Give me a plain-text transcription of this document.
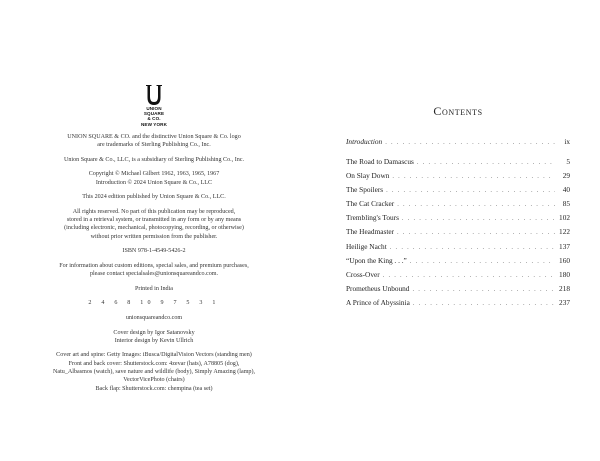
UNION
SQUARE
& CO.
NEW YORK
UNION SQUARE & CO. and the distinctive Union Square & Co. logo
are trademarks of Sterling Publishing Co., Inc.
Union Square & Co., LLC, is a subsidiary of Sterling Publishing Co., Inc.
Copyright © Michael Gilbert 1962, 1963, 1965, 1967
Introduction © 2024 Union Square & Co., LLC
This 2024 edition published by Union Square & Co., LLC.
All rights reserved. No part of this publication may be reproduced,
stored in a retrieval system, or transmitted in any form or by any means
(including electronic, mechanical, photocopying, recording, or otherwise)
without prior written permission from the publisher.
ISBN 978-1-4549-5426-2
For information about custom editions, special sales, and premium purchases,
please contact specialsales@unionsquareandco.com.
Printed in India
2 4 6 8 10 9 7 5 3 1
unionsquareandco.com
Cover design by Igor Satanovsky
Interior design by Kevin Ullrich
Cover art and spine: Getty Images: iBusca/DigitalVision Vectors (standing men)
Front and back cover: Shutterstock.com: 4zevar (hats), A78805 (dog),
Natu_Albasmos (watch), save nature and wildlife (body), Simply Amazing (lamp),
VectorVicePhoto (chairs)
Back flap: Shutterstock.com: chempina (tea set)
Contents
Introduction . . .	ix
The Road to Damascus . . .	5
On Slay Down . . .	29
The Spoilers . . .	40
The Cat Cracker . . .	85
Trembling's Tours . . .	102
The Headmaster . . .	122
Heilige Nacht . . .	137
“Upon the King . . .” . . .	160
Cross-Over . . .	180
Prometheus Unbound . . .	218
A Prince of Abyssinia . . .	237
